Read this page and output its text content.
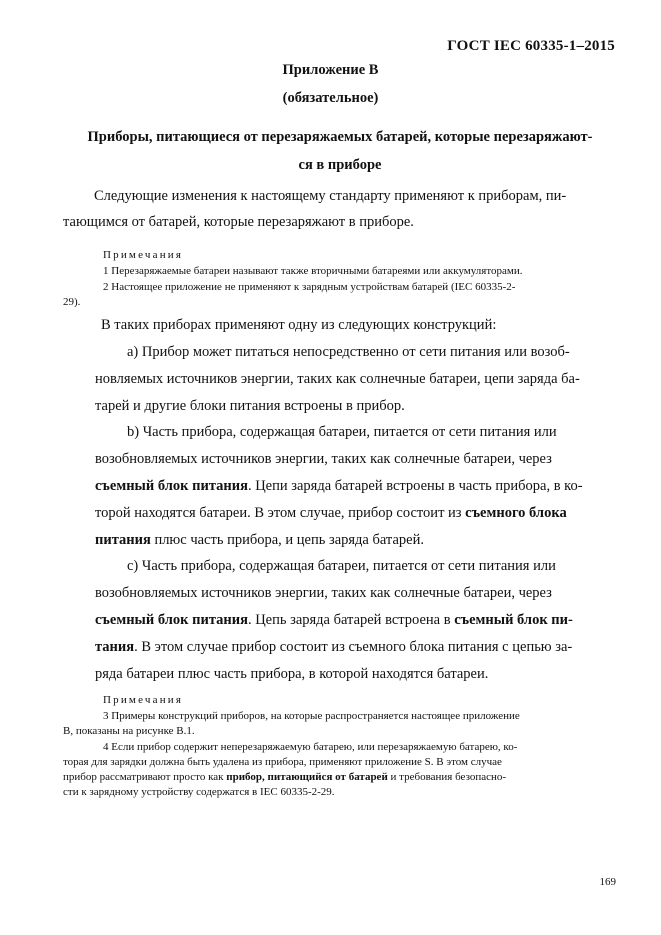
ГОСТ IEC 60335-1–2015
Приложение B
(обязательное)
Приборы, питающиеся от перезаряжаемых батарей, которые перезаряжают-
ся в приборе
Следующие изменения к настоящему стандарту применяют к приборам, пи-
тающимся от батарей, которые перезаряжают в приборе.
Примечания
1 Перезаряжаемые батареи называют также вторичными батареями или аккумуляторами.
2 Настоящее приложение не применяют к зарядным устройствам батарей (IEC 60335-2-
29).
В таких приборах применяют одну из следующих конструкций:
a) Прибор может питаться непосредственно от сети питания или возоб-
новляемых источников энергии, таких как солнечные батареи, цепи заряда ба-
тарей и другие блоки питания встроены в прибор.
b) Часть прибора, содержащая батареи, питается от сети питания или
возобновляемых источников энергии, таких как солнечные батареи, через
съемный блок питания. Цепи заряда батарей встроены в часть прибора, в ко-
торой находятся батареи. В этом случае, прибор состоит из съемного блока
питания плюс часть прибора, и цепь заряда батарей.
c) Часть прибора, содержащая батареи, питается от сети питания или
возобновляемых источников энергии, таких как солнечные батареи, через
съемный блок питания. Цепь заряда батарей встроена в съемный блок пи-
тания. В этом случае прибор состоит из съемного блока питания с цепью за-
ряда батареи плюс часть прибора, в которой находятся батареи.
Примечания
3 Примеры конструкций приборов, на которые распространяется настоящее приложение
B, показаны на рисунке B.1.
4 Если прибор содержит неперезаряжаемую батарею, или перезаряжаемую батарею, ко-
торая для зарядки должна быть удалена из прибора, применяют приложение S. В этом случае
прибор рассматривают просто как прибор, питающийся от батарей и требования безопасно-
сти к зарядному устройству содержатся в IEC 60335-2-29.
169
